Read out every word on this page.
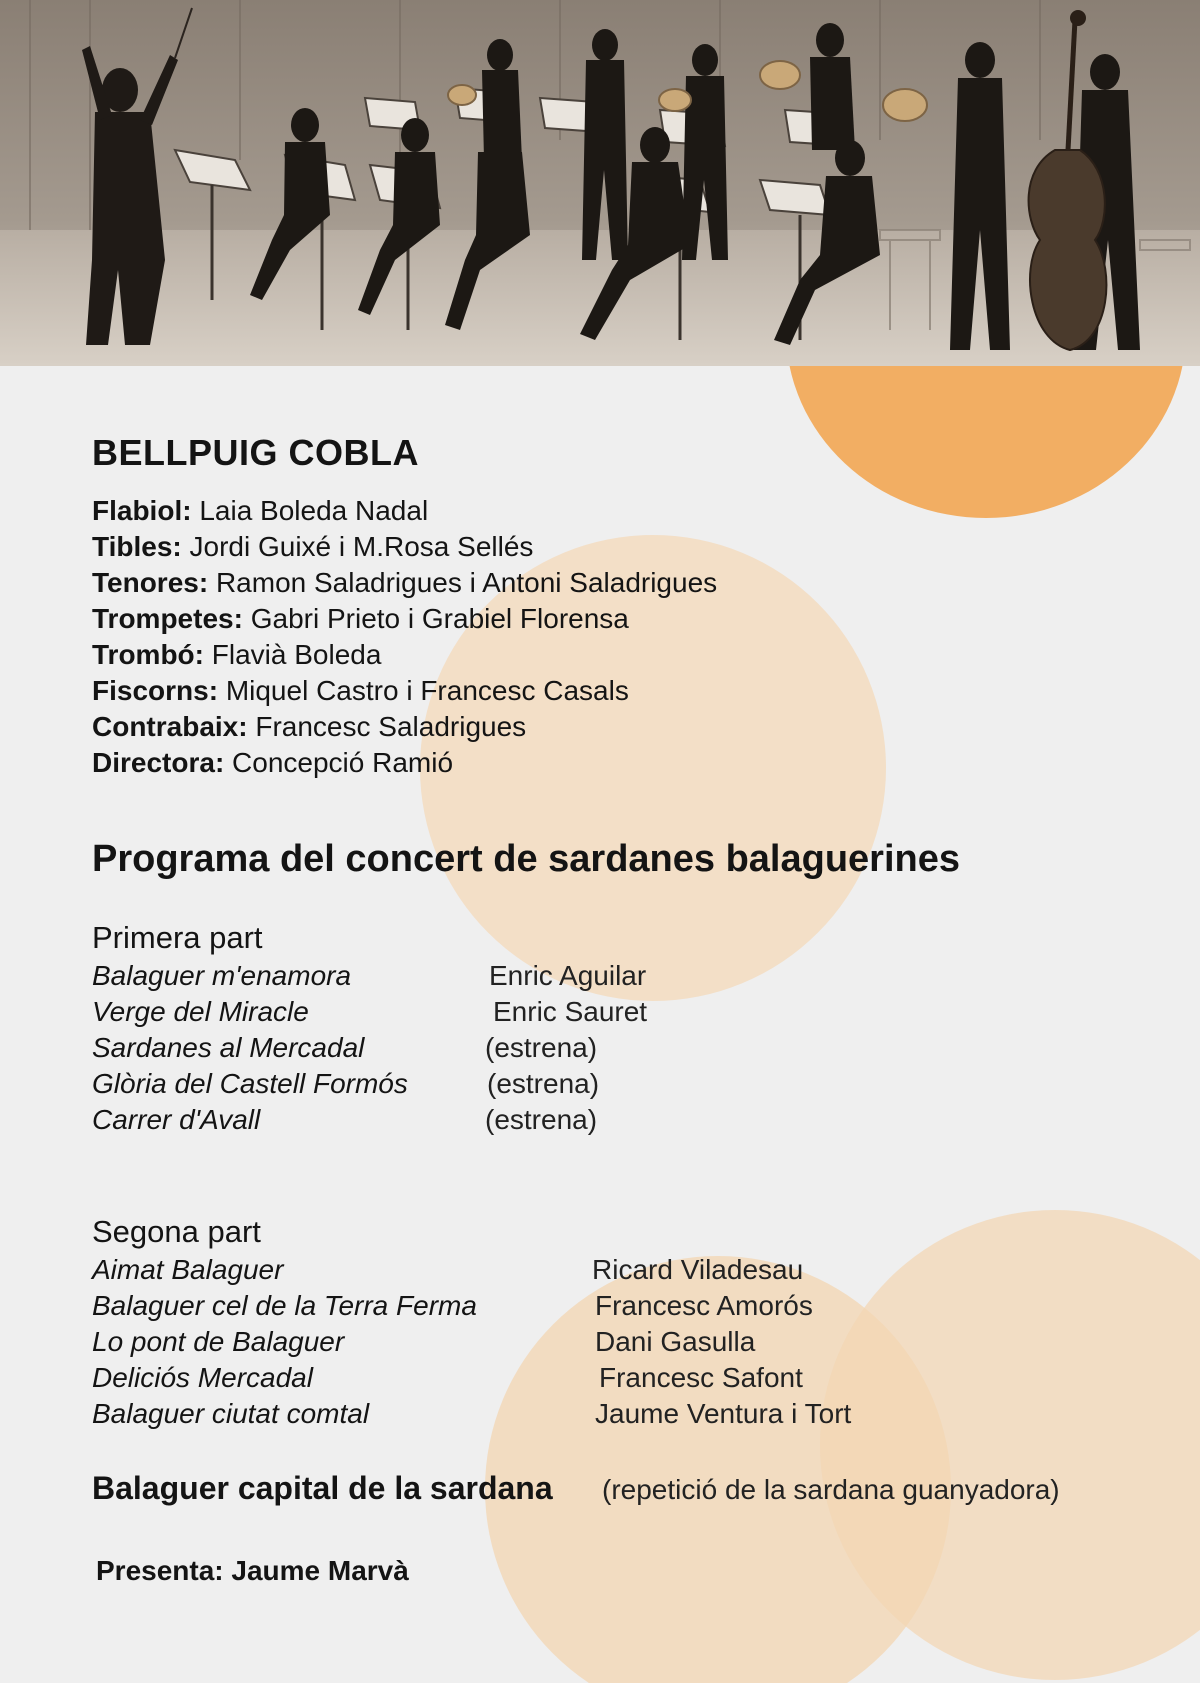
BELLPUIG COBLA
Flabiol: Laia Boleda Nadal
Tibles: Jordi Guixé i M.Rosa Sellés
Tenores: Ramon Saladrigues i Antoni Saladrigues
Trompetes: Gabri Prieto i Grabiel Florensa
Trombó: Flavià Boleda
Fiscorns: Miquel Castro i Francesc Casals
Contrabaix: Francesc Saladrigues
Directora: Concepció Ramió
Programa del concert de sardanes balaguerines
Primera part
Balaguer m'enamora	Enric Aguilar
Verge del Miracle	Enric Sauret
Sardanes al Mercadal	(estrena)
Glòria del Castell Formós	(estrena)
Carrer d'Avall	(estrena)
Segona part
Aimat Balaguer	Ricard Viladesau
Balaguer cel de la Terra Ferma	Francesc Amorós
Lo pont de Balaguer	Dani Gasulla
Deliciós Mercadal	Francesc Safont
Balaguer ciutat comtal	Jaume Ventura i Tort
Balaguer capital de la sardana (repetició de la sardana guanyadora)
Presenta: Jaume Marvà
